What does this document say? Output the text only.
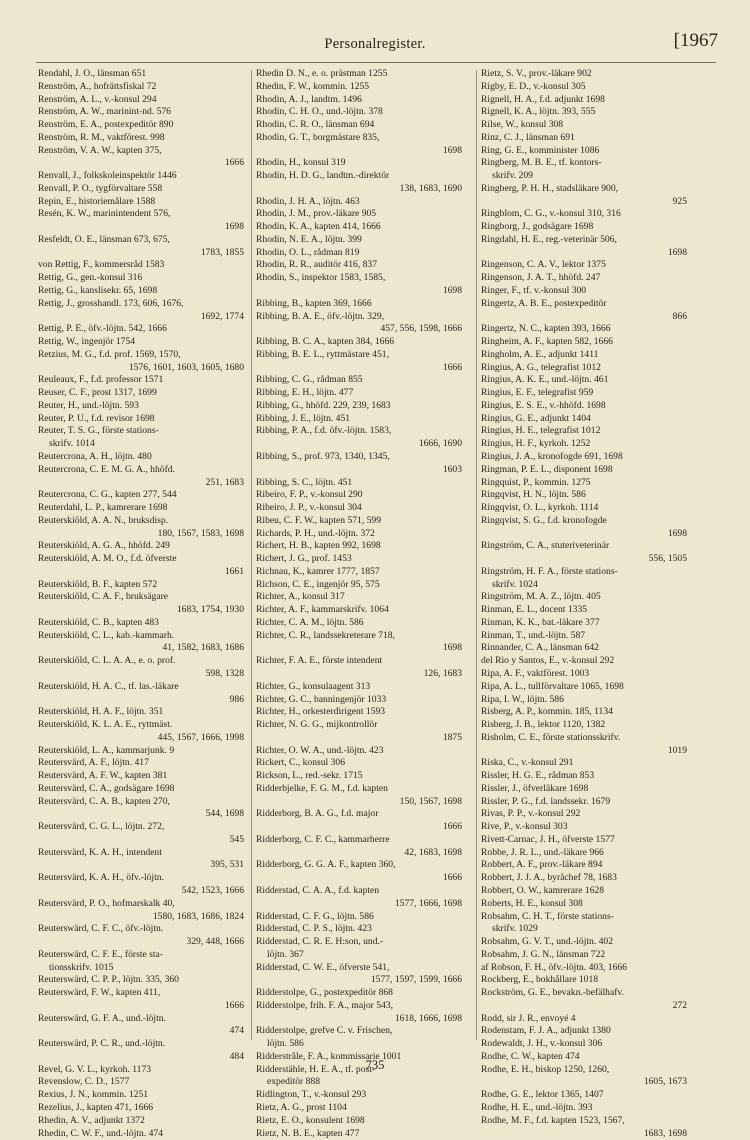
Personalregister.	[1967
Rendahl, J. O., länsman 651
Renström, A., hofrättsfiskal 72
Renström, A. L., v.-konsul 294
Renström, A. W., marinint-nd. 576
Renström, E. A., postexpeditör 890
Renström, R. M., vaktförest. 998
Renström, V. A. W., kapten 375,
1666
Renvall, J., folkskoleinspektör 1446
Renvall, P. O., tygförvaltare 558
Repin, E., historiemålare 1588
Resén, K. W., marinintendent 576,
1698
Resfeldt, O. E., länsman 673, 675,
1783, 1855
von Rettig, F., kommersråd 1583
Rettig, G., gen.-konsul 316
Rettig, G., kanslisekr. 65, 1698
Rettig, J., grosshandl. 173, 606, 1676,
1692, 1774
Rettig, P. E., öfv.-löjtn. 542, 1666
Rettig, W., ingenjör 1754
Retzius, M. G., f.d. prof. 1569, 1570,
1576, 1601, 1603, 1605, 1680
Reuleaux, F., f.d. professor 1571
Reuser, C. F., prost 1317, 1699
Reuter, H., und.-löjtn. 593
Reuter, P. U., f.d. revisor 1698
Reuter, T. S. G., förste stations-
skrifv. 1014
Reutercrona, A. H., löjtn. 480
Reutercrona, C. E. M. G. A., hhöfd.
251, 1683
Reutercrona, C. G., kapten 277, 544
Reuterdahl, L. P., kamrerare 1698
Reuterskiöld, A. A. N., bruksdisp.
180, 1567, 1583, 1698
Reuterskiöld, A. G. A., hhöfd. 249
Reuterskiöld, A. M. O., f.d. öfverste
1661
Reuterskiöld, B. F., kapten 572
Reuterskiöld, C. A. F., bruksägare
1683, 1754, 1930
Reuterskiöld, C. B., kapten 483
Reuterskiöld, C. L., kab.-kammarh.
41, 1582, 1683, 1686
Reuterskiöld, C. L. A. A., e. o. prof.
598, 1328
Reuterskiöld, H. A. C., tf. las.-läkare
986
Reuterskiöld, H. A. F., löjtn. 351
Reuterskiöld, K. L. A. E., ryttmäst.
445, 1567, 1666, 1998
Reuterskiöld, L. A., kammarjunk. 9
Reutersvärd, A. F., löjtn. 417
Reutersvärd, A. F. W., kapten 381
Reutersvärd, C. A., godsägare 1698
Reutersvärd, C. A. B., kapten 270,
544, 1698
Reutersvärd, C. G. L., löjtn. 272,
545
Reutersvärd, K. A. H., intendent
395, 531
Reutersvärd, K. A. H., öfv.-löjtn.
542, 1523, 1666
Reutersvärd, P. O., hofmarskalk 40,
1580, 1683, 1686, 1824
Reuterswärd, C. F. C., öfv.-löjtn.
329, 448, 1666
Reuterswärd, C. F. E., förste sta-
tionsskrifv. 1015
Reuterswärd, C. P. P., löjtn. 335, 360
Reuterswärd, F. W., kapten 411,
1666
Reuterswärd, G. F. A., und.-löjtn.
474
Reuterswärd, P. C. R., und.-löjtn.
484
Revel, G. V. L., kyrkoh. 1173
Revenslow, C. D., 1577
Rexius, J. N., kommin. 1251
Rezelius, J., kapten 471, 1666
Rhedin, A. V., adjunkt 1372
Rhedin, C. W. F., und.-löjtn. 474
Rhedin D. N., e. o. prästman 1255
Rhedin, F. W., kommin. 1255
Rhodin, A. J., landtm. 1496
Rhodin, C. H. O., und.-löjtn. 378
Rhodin, C. R. O., länsman 694
Rhodin, G. T., borgmästare 835,
1698
Rhodin, H., konsul 319
Rhodin, H. D. G., landtm.-direktör
138, 1683, 1690
Rhodin, J. H. A., löjtn. 463
Rhodin, J. M., prov.-läkare 905
Rhodin, K. A., kapten 414, 1666
Rhodin, N. E. A., löjtn. 399
Rhodin, O. L., rådman 819
Rhodin, R. R., auditör 416, 837
Rhodin, S., inspektor 1583, 1585,
1698
Ribbing, B., kapten 369, 1666
Ribbing, B. A. E., öfv.-löjtn. 329,
457, 556, 1598, 1666
Ribbing, B. C. A., kapten 384, 1666
Ribbing, B. E. L., ryttmästare 451,
1666
Ribbing, C. G., rådman 855
Ribbing, E. H., löjtn. 477
Ribbing, G., hhöfd. 229, 239, 1683
Ribbing, J. E., löjtn. 451
Ribbing, P. A., f.d. öfv.-löjtn. 1583,
1666, 1690
Ribbing, S., prof. 973, 1340, 1345,
1603
Ribbing, S. C., löjtn. 451
Ribeiro, F. P., v.-konsul 290
Ribeiro, J. P., v.-konsul 304
Ribeu, C. F. W., kapten 571, 599
Richards, P. H., und.-löjtn. 372
Richert, H. B., kapten 992, 1698
Richert, J. G., prof. 1453
Richnau, K., kamrer 1777, 1857
Richson, C. E., ingenjör 95, 575
Richter, A., konsul 317
Richter, A. F., kammarskrifv. 1064
Richter, C. A. M., löjtn. 586
Richter, C. R., landssekreterare 718,
1698
Richter, F. A. E., förste intendent
126, 1683
Richter, G., konsulaagent 313
Richter, G. C., banningenjör 1033
Richter, H., orkesterdirigent 1593
Richter, N. G. G., mijkontrollör
1875
Richter, O. W. A., und.-löjtn. 423
Rickert, C., konsul 306
Rickson, L., red.-sekr. 1715
Ridderbjelke, F. G. M., f.d. kapten
150, 1567, 1698
Ridderborg, B. A. G., f.d. major
1666
Ridderborg, C. F. C., kammarherre
42, 1683, 1698
Ridderborg, G. G. A. F., kapten 360,
1666
Ridderstad, C. A. A., f.d. kapten
1577, 1666, 1698
Ridderstad, C. F. G., löjtn. 586
Ridderstad, C. P. S., löjtn. 423
Ridderstad, C. R. E. H:son, und.-
löjtn. 367
Ridderstad, C. W. E., öfverste 541,
1577, 1597, 1599, 1666
Ridderstolpe, G., postexpeditör 868
Ridderstolpe, frih. F. A., major 543,
1618, 1666, 1698
Ridderstolpe, grefve C. v. Frischen,
löjtn. 586
Ridderstråle, F. A., kommissarie 1001
Ridderstähle, H. E. A., tf. post-
expeditör 888
Ridlington, T., v.-konsul 293
Rietz, A. G., prost 1104
Rietz, E. O., konsulent 1698
Rietz, N. B. E., kapten 477
Rietz, S. V., prov.-läkare 902
Rigby, E. D., v.-konsul 305
Rignell, H. A., f.d. adjunkt 1698
Rignell, K. A., löjtn. 393, 555
Rilse, W., konsul 308
Rinz, C. J., länsman 691
Ring, G. E., komminister 1086
Ringberg, M. B. E., tf. kontors-
skrifv. 209
Ringberg, P. H. H., stadsläkare 900,
925
Ringblom, C. G., v.-konsul 310, 316
Ringborg, J., godsägare 1698
Ringdahl, H. E., reg.-veterinär 506,
1698
Ringenson, C. A. V., lektor 1375
Ringenson, J. A. T., hhöfd. 247
Ringer, F., tf. v.-konsul 300
Ringertz, A. B. E., postexpeditör
866
Ringertz, N. C., kapten 393, 1666
Ringheim, A. F., kapten 582, 1666
Ringholm, A. E., adjunkt 1411
Ringius, A. G., telegrafist 1012
Ringius, A. K. E., und.-löjtn. 461
Ringius, E. F., telegrafist 959
Ringius, E. S. E., v.-hhöfd. 1698
Ringius, G. E., adjunkt 1404
Ringius, H. E., telegrafist 1012
Ringius, H. F., kyrkoh. 1252
Ringius, J. A., kronofogde 691, 1698
Ringman, P. E. L., disponent 1698
Ringquist, P., kommin. 1275
Ringqvist, H. N., löjtn. 586
Ringqvist, O. L., kyrkoh. 1114
Ringqvist, S. G., f.d. kronofogde
1698
Ringström, C. A., stuteriveterinär
556, 1505
Ringström, H. F. A., förste stations-
skrifv. 1024
Ringström, M. A. Z., löjtn. 405
Rinman, E. L., docent 1335
Rinman, K. K., bat.-läkare 377
Rinman, T., und.-löjtn. 587
Rinnander, C. A., länsman 642
del Rio y Santos, E., v.-konsul 292
Ripa, A. F., vaktförest. 1003
Ripa, A. L., tullförvaltare 1065, 1698
Ripa, I. W., löjtn. 586
Risberg, A. P., kommin. 185, 1134
Risberg, J. B., lektor 1120, 1382
Risholm, C. E., förste stationsskrifv.
1019
Riska, C., v.-konsul 291
Rissler, H. G. E., rådman 853
Rissler, J., öfverläkare 1698
Rissler, P. G., f.d. landssekr. 1679
Rivas, P. P., v.-konsul 292
Rive, P., v.-konsul 303
Rivett-Carnac, J. H., öfverste 1577
Robbe, J. R. L., und.-läkare 966
Robbert, A. F., prov.-läkare 894
Robbert, J. J. A., byråchef 78, 1683
Robbert, O. W., kamrerare 1628
Roberts, H. E., konsul 308
Robsahm, C. H. T., förste stations-
skrifv. 1029
Robsahm, G. V. T., und.-löjtn. 402
Robsahm, J. G. N., länsman 722
af Robson, F. H., öfv.-löjtn. 403, 1666
Rockberg, E., bokhållare 1018
Rockström, G. E., bevakn.-befälhafv.
272
Rodd, sir J. R., envoyé 4
Rodenstam, F. J. A., adjunkt 1380
Rodewaldt, J. H., v.-konsul 306
Rodhe, C. W., kapten 474
Rodhe, E. H., biskop 1250, 1260,
1605, 1673
Rodhe, G. E., lektor 1365, 1407
Rodhe, H. E., und.-löjtn. 393
Rodhe, M. F., f.d. kapten 1523, 1567,
1683, 1698
735
